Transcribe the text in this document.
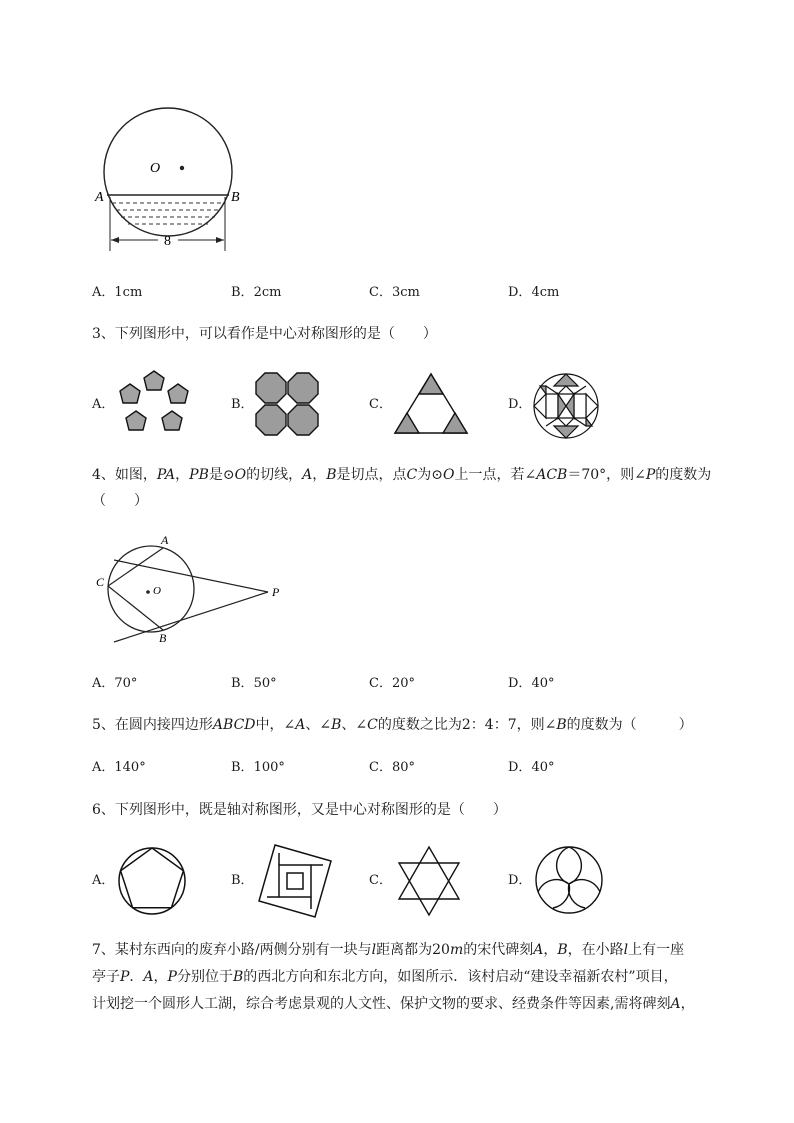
O
A	B
8
A．1cm	B．2cm	C．3cm	D．4cm
3、下列图形中，可以看作是中心对称图形的是（　　）
A．	B．	C．	D．
4、如图，PA，PB是⊙O的切线，A，B是切点，点C为⊙O上一点，若∠ACB＝70°，则∠P的度数为
（　　）
A
B
C
O	P
A．70°	B．50°	C．20°	D．40°
5、在圆内接四边形ABCD中，∠A、∠B、∠C的度数之比为2：4：7，则∠B的度数为（　　　）
A．140°	B．100°	C．80°	D．40°
6、下列图形中，既是轴对称图形，又是中心对称图形的是（　　）
A．	B．	C．	D．
7、某村东西向的废弃小路/两侧分别有一块与l距离都为20m的宋代碑刻A，B，在小路l上有一座
亭子P．A，P分别位于B的西北方向和东北方向，如图所示．该村启动“建设幸福新农村”项目，
计划挖一个圆形人工湖，综合考虑景观的人文性、保护文物的要求、经费条件等因素,需将碑刻A，
